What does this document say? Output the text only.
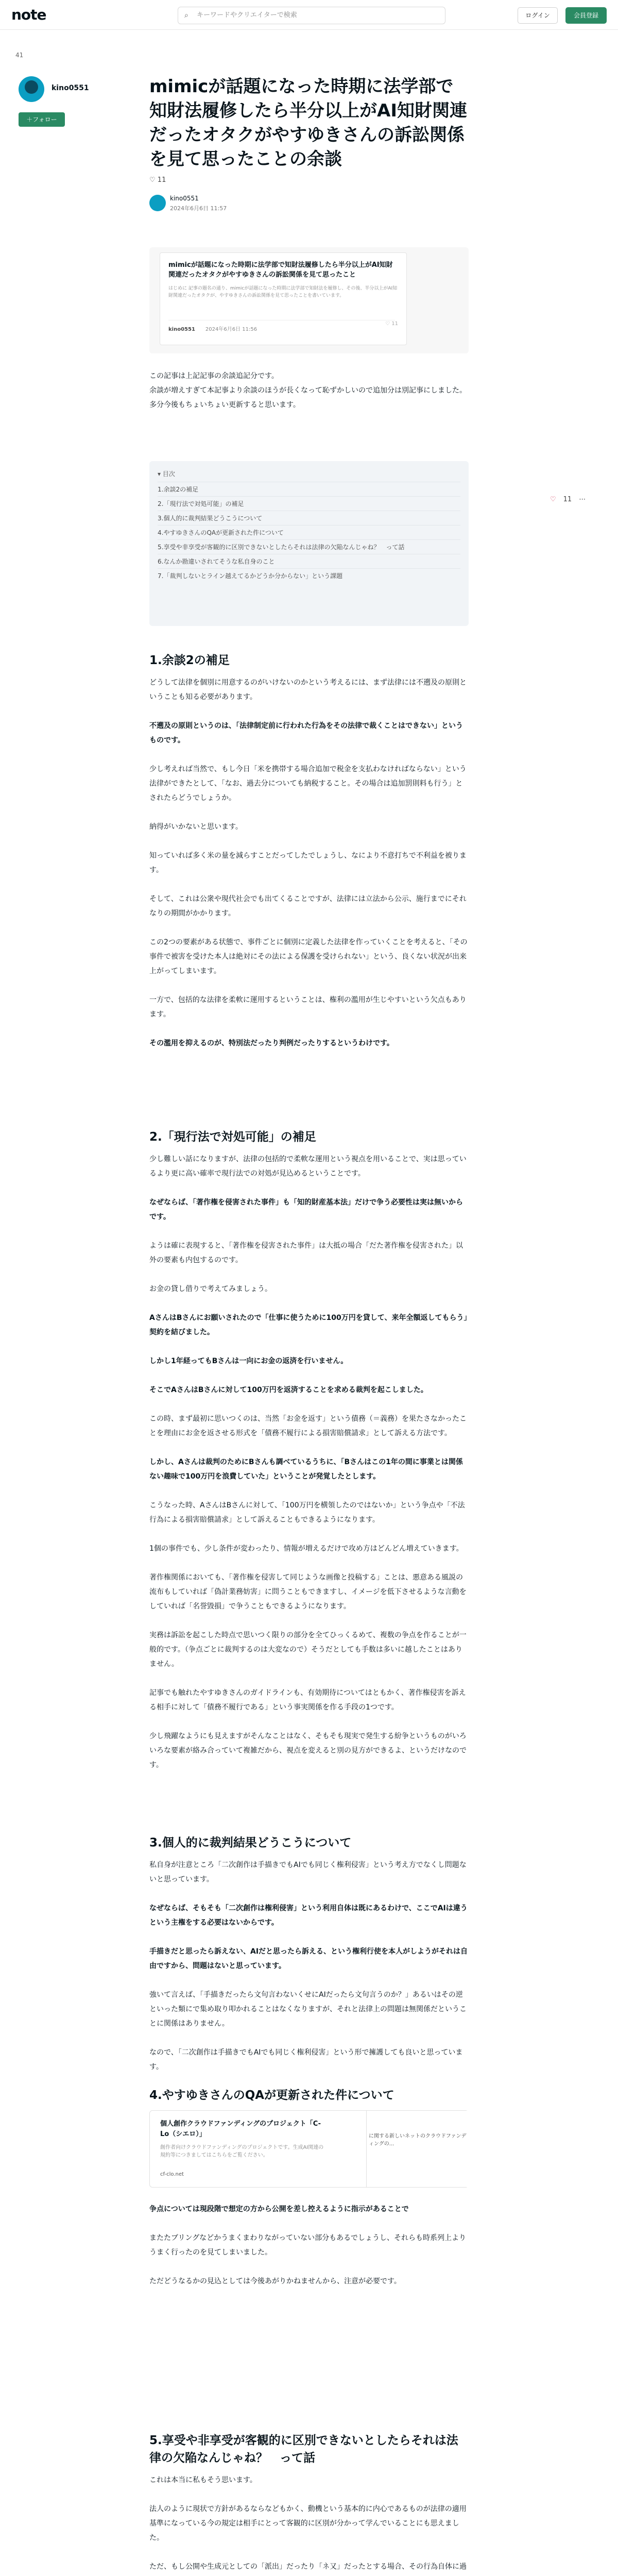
note	⌕ キーワードやクリエイターで検索	ログイン	会員登録
41
kino0551
＋フォロー
♡ 11 ⋯
mimicが話題になった時期に法学部で知財法履修したら半分以上がAI知財関連だったオタクがやすゆきさんの訴訟関係を見て思ったことの余談
♡ 11
kino0551
2024年6月6日 11:57
mimicが話題になった時期に法学部で知財法履修したら半分以上がAI知財関連だったオタクがやすゆきさんの訴訟関係を見て思ったこと
はじめに 記事の題名の通り、mimicが話題になった時期に法学部で知財法を履修し、その後、半分以上がAI知財関連だったオタクが、やすゆきさんの訴訟関係を見て思ったことを書いています。
kino0551 2024年6月6日 11:56
♡ 11

この記事は上記記事の余談追記分です。

余談が増えすぎて本記事より余談のほうが長くなって恥ずかしいので追加分は別記事にしました。

多分今後もちょいちょい更新すると思います。

▾ 目次
1.余談2の補足
2.「現行法で対処可能」の補足
3.個人的に裁判結果どうこうについて
4.やすゆきさんのQAが更新された件について
5.享受や非享受が客観的に区別できないとしたらそれは法律の欠陥なんじゃね？　って話
6.なんか勘違いされてそうな私自身のこと
7.「裁判しないとライン越えてるかどうか分からない」という課題
1.余談2の補足

どうして法律を個別に用意するのがいけないのかという考えるには、まず法律には不遡及の原則ということも知る必要があります。

不遡及の原則というのは、「法律制定前に行われた行為をその法律で裁くことはできない」というものです。

少し考えれば当然で、もし今日「米を携帯する場合追加で税金を支払わなければならない」という法律ができたとして、「なお、過去分についても納税すること。その場合は追加罰則料も行う」とされたらどうでしょうか。

納得がいかないと思います。

知っていれば多く米の量を減らすことだってしたでしょうし、なにより不意打ちで不利益を被ります。

そして、これは公衆や現代社会でも出てくることですが、法律には立法から公示、施行までにそれなりの期間がかかります。

この2つの要素がある状態で、事件ごとに個別に定義した法律を作っていくことを考えると、「その事件で被害を受けた本人は絶対にその法による保護を受けられない」という、良くない状況が出来上がってしまいます。

一方で、包括的な法律を柔軟に運用するということは、権利の濫用が生じやすいという欠点もあります。

その濫用を抑えるのが、特別法だったり判例だったりするというわけです。

2.「現行法で対処可能」の補足

少し難しい話になりますが、法律の包括的で柔軟な運用という視点を用いることで、実は思っているより更に高い確率で現行法での対処が見込めるということです。

なぜならば、「著作権を侵害された事件」も「知的財産基本法」だけで争う必要性は実は無いからです。

ようは確に表現すると、「著作権を侵害された事件」は大抵の場合「だた著作権を侵害された」以外の要素も内包するのです。

お金の貸し借りで考えてみましょう。

AさんはBさんにお願いされたので「仕事に使うために100万円を貸して、来年全額返してもらう」契約を結びました。

しかし1年経ってもBさんは一向にお金の返済を行いません。

そこでAさんはBさんに対して100万円を返済することを求める裁判を起こしました。

この時、まず最初に思いつくのは、当然「お金を返す」という債務（＝義務）を果たさなかったことを理由にお金を返させる形式を「債務不履行による損害賠償請求」として訴える方法です。

しかし、Aさんは裁判のためにBさんも調べているうちに、「Bさんはこの1年の間に事業とは関係ない趣味で100万円を浪費していた」ということが発覚したとします。

こうなった時、AさんはBさんに対して、「100万円を横領したのではないか」という争点や「不法行為による損害賠償請求」として訴えることもできるようになります。

1個の事件でも、少し条件が変わったり、情報が増えるだけで攻め方はどんどん増えていきます。

著作権関係においても、「著作権を侵害して同じような画像と投稿する」ことは、悪意ある風説の流布もしていれば「偽計業務妨害」に問うこともできますし、イメージを低下させるような言動をしていれば「名誉毀損」で争うこともできるようになります。

実務は訴訟を起こした時点で思いつく限りの部分を全てひっくるめて、複数の争点を作ることが一般的です。（争点ごとに裁判するのは大変なので）そうだとしても手数は多いに越したことはありません。

記事でも触れたやすゆきさんのガイドラインも、有効期待についてはともかく、著作権侵害を訴える相手に対して「債務不履行である」という事実関係を作る手段の1つです。

少し飛躍なようにも見えますがそんなことはなく、そもそも現実で発生する紛争というものがいろいろな要素が絡み合っていて複雑だから、視点を変えると別の見方ができるよ、というだけなのです。

3.個人的に裁判結果どうこうについて

私自身が注意ところ「二次創作は手描きでもAIでも同じく権利侵害」という考え方でなくし問題ないと思っています。

なぜならば、そもそも「二次創作は権利侵害」という利用自体は既にあるわけで、ここでAIは違うという主権をする必要はないからです。

手描きだと思ったら訴えない、AIだと思ったら訴える、という権利行使を本人がしようがそれは自由ですから、問題はないと思っています。

強いて言えば、「手描きだったら文句言わないくせにAIだったら文句言うのか？」あるいはその逆といった類にで集め取り叩かれることはなくなりますが、それと法律上の問題は無関係だということに関係はありません。

なので、「二次創作は手描きでもAIでも同じく権利侵害」という形で擁護しても良いと思っています。

4.やすゆきさんのQAが更新された件について
個人創作クラウドファンディングのプロジェクト「C-Lo（シエロ）」
創作者向けクラウドファンディングのプロジェクトです。生成AI関連の規約等につきましてはこちらをご覧ください。
cf-clo.net
に関する新しいネットのクラウドファンディングの...

争点については現段階で想定の方から公開を差し控えるように指示があることで

またたブリングなどかうまくまわりながっていない部分もあるでしょうし、それらも時系列上よりうまく行ったのを見てしまいました。

ただどうなるかの見込としては今後あがりかねませんから、注意が必要です。

5.享受や非享受が客観的に区別できないとしたらそれは法律の欠陥なんじゃね？　って話

これは本当に私もそう思います。

法人のように現状で方針があるならなどもかく、動機という基本的に内心であるものが法律の適用基準になっている今の規定は相手にとって客観的に区別が分かって学んでいることにも思えました。

ただ、もし公開や生成元としての「派出」だったり「ネ又」だったとする場合、その行為自体に過
